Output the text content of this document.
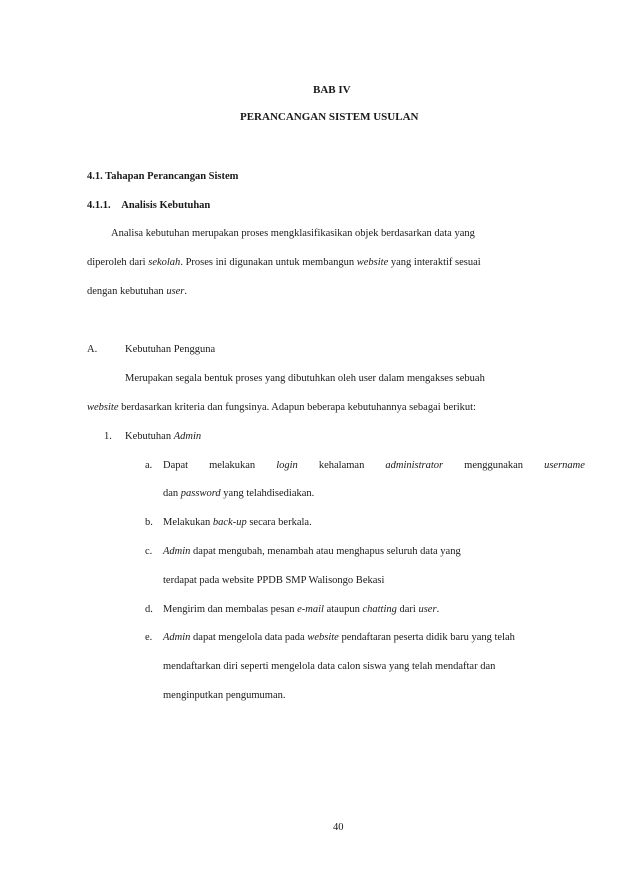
BAB IV
PERANCANGAN SISTEM USULAN
4.1. Tahapan Perancangan Sistem
4.1.1. Analisis Kebutuhan
Analisa kebutuhan merupakan proses mengklasifikasikan objek berdasarkan data yang
diperoleh dari sekolah. Proses ini digunakan untuk membangun website yang interaktif sesuai
dengan kebutuhan user.
A.	Kebutuhan Pengguna
Merupakan segala bentuk proses yang dibutuhkan oleh user dalam mengakses sebuah
website berdasarkan kriteria dan fungsinya. Adapun beberapa kebutuhannya sebagai berikut:
1. Kebutuhan Admin
a. Dapat melakukan login kehalaman administrator menggunakan username
dan password yang telahdisediakan.
b. Melakukan back-up secara berkala.
c. Admin dapat mengubah, menambah atau menghapus seluruh data yang
terdapat pada website PPDB SMP Walisongo Bekasi
d. Mengirim dan membalas pesan e-mail ataupun chatting dari user.
e. Admin dapat mengelola data pada website pendaftaran peserta didik baru yang telah
mendaftarkan diri seperti mengelola data calon siswa yang telah mendaftar dan
menginputkan pengumuman.
40
